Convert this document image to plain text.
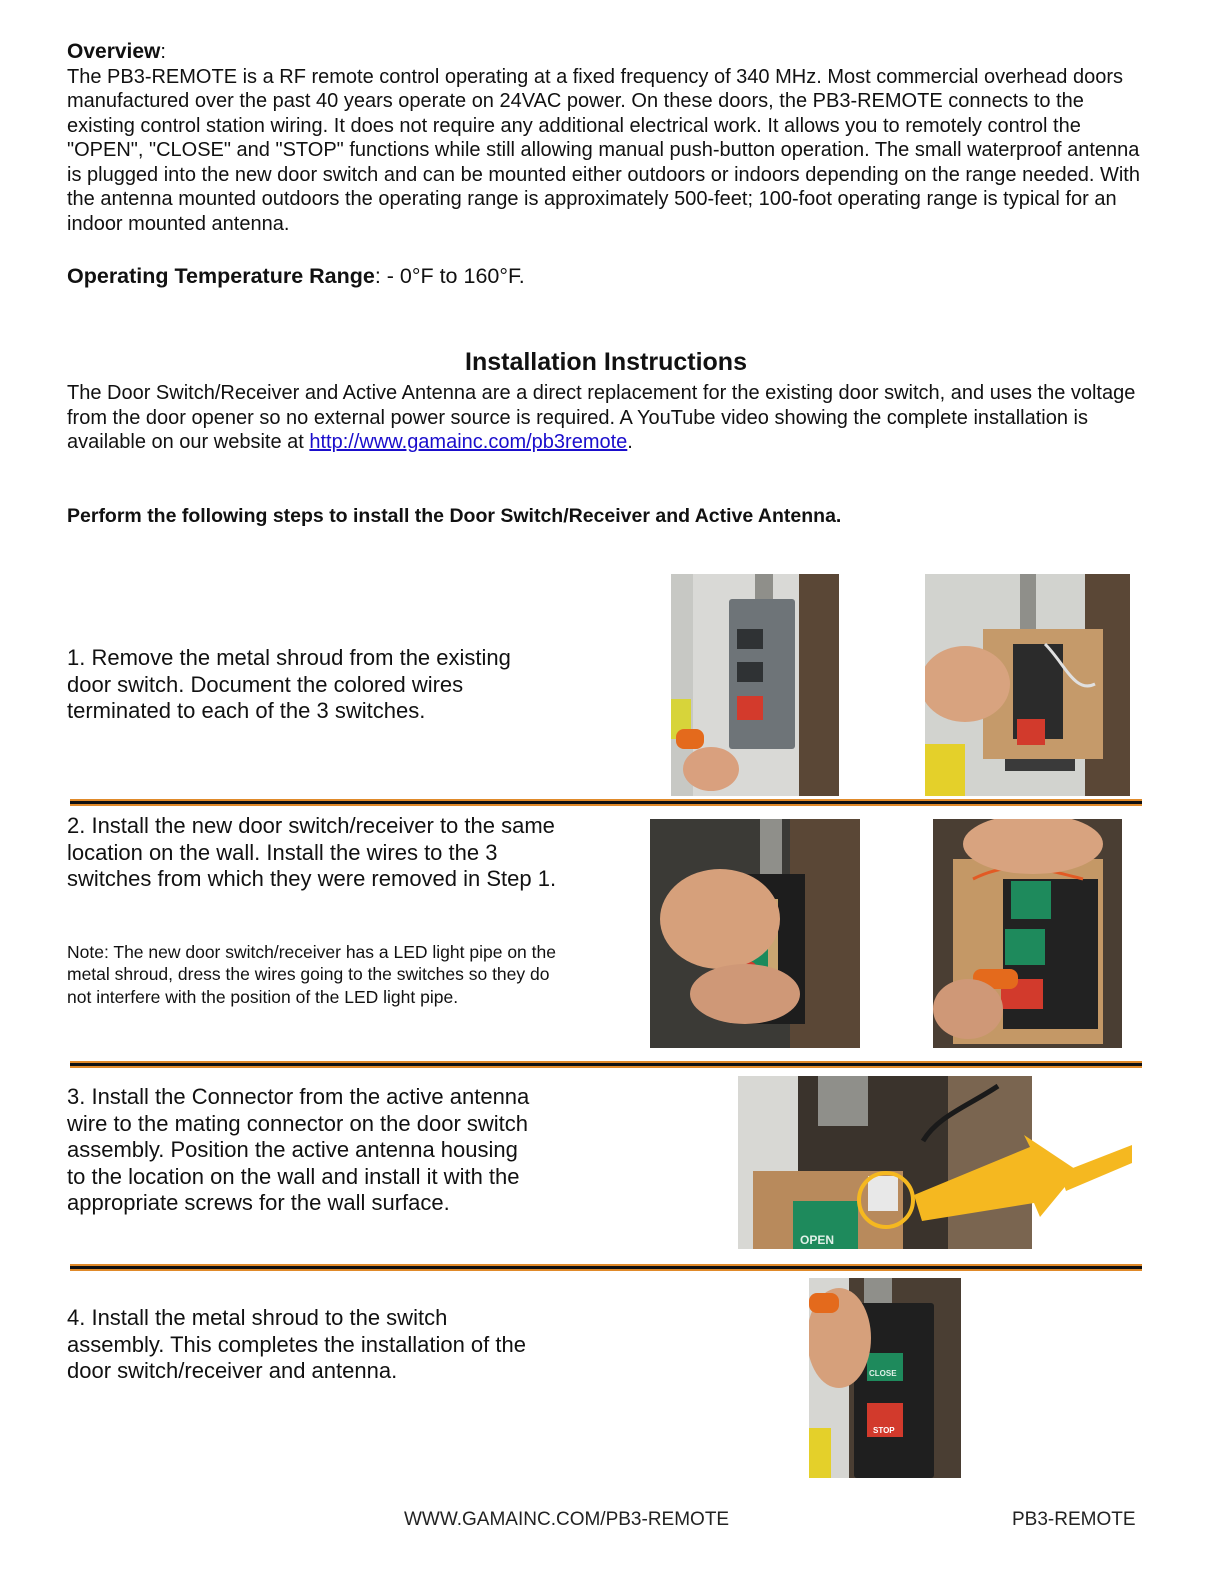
Overview:
The PB3-REMOTE is a RF remote control operating at a fixed frequency of 340 MHz. Most commercial overhead doors manufactured over the past 40 years operate on 24VAC power. On these doors, the PB3-REMOTE connects to the existing control station wiring. It does not require any additional electrical work. It allows you to remotely control the "OPEN", "CLOSE" and "STOP" functions while still allowing manual push-button operation. The small waterproof antenna is plugged into the new door switch and can be mounted either outdoors or indoors depending on the range needed. With the antenna mounted outdoors the operating range is approximately 500-feet; 100-foot operating range is typical for an indoor mounted antenna.
Operating Temperature Range: - 0°F to 160°F.
Installation Instructions
The Door Switch/Receiver and Active Antenna are a direct replacement for the existing door switch, and uses the voltage from the door opener so no external power source is required. A YouTube video showing the complete installation is available on our website at http://www.gamainc.com/pb3remote.
Perform the following steps to install the Door Switch/Receiver and Active Antenna.
1. Remove the metal shroud from the existing door switch. Document the colored wires terminated to each of the 3 switches.
2. Install the new door switch/receiver to the same location on the wall. Install the wires to the 3 switches from which they were removed in Step 1.
Note: The new door switch/receiver has a LED light pipe on the metal shroud, dress the wires going to the switches so they do not interfere with the position of the LED light pipe.
3. Install the Connector from the active antenna wire to the mating connector on the door switch assembly. Position the active antenna housing to the location on the wall and install it with the appropriate screws for the wall surface.
OPEN
4. Install the metal shroud to the switch assembly. This completes the installation of the door switch/receiver and antenna.	CLOSE
STOP
WWW.GAMAINC.COM/PB3-REMOTE	PB3-REMOTE
